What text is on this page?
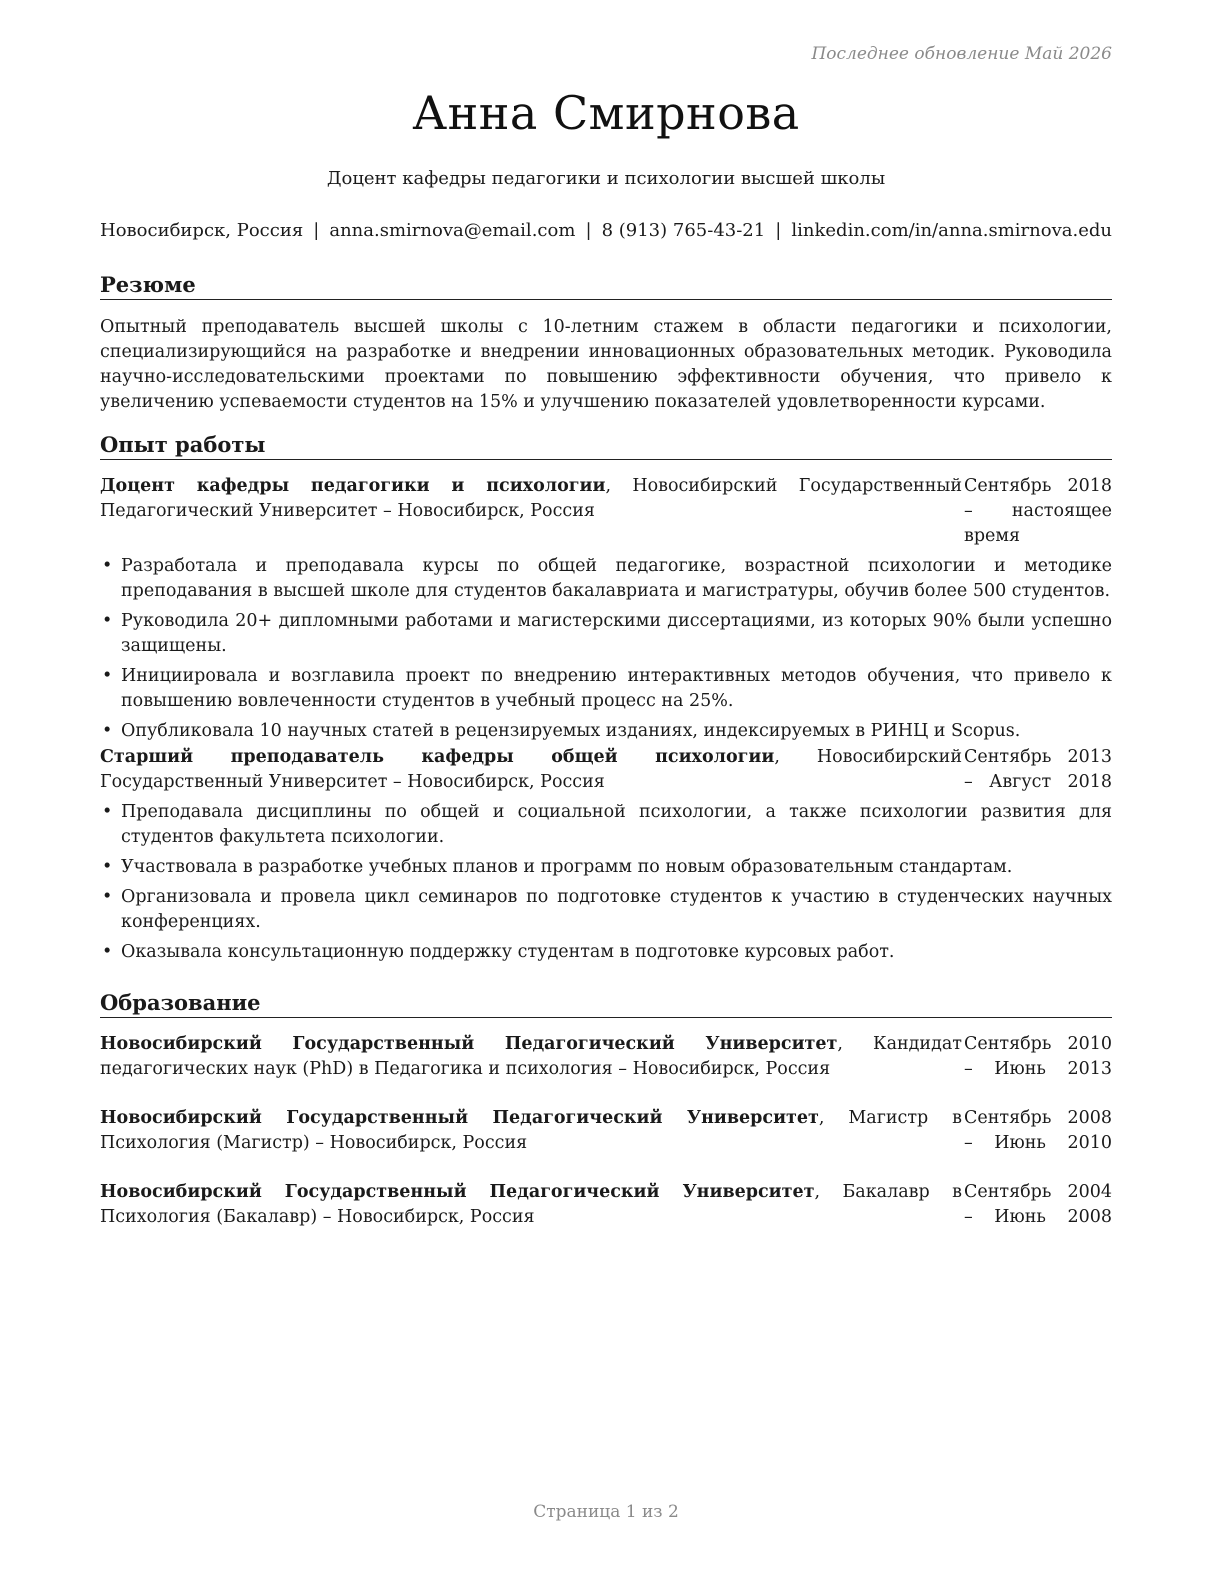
Последнее обновление Май 2026
Анна Смирнова
Доцент кафедры педагогики и психологии высшей школы
Новосибирск, Россия | anna.smirnova@email.com | 8 (913) 765-43-21 | linkedin.com/in/anna.smirnova.edu
Резюме
Опытный преподаватель высшей школы с 10-летним стажем в области педагогики и психологии, специализирующийся на разработке и внедрении инновационных образовательных методик. Руководила научно-исследовательскими проектами по повышению эффективности обучения, что привело к увеличению успеваемости студентов на 15% и улучшению показателей удовлетворенности курсами.
Опыт работы
Доцент кафедры педагогики и психологии, Новосибирский Государственный Педагогический Университет – Новосибирск, Россия
Сентябрь 2018 – настоящее время
• Разработала и преподавала курсы по общей педагогике, возрастной психологии и методике преподавания в высшей школе для студентов бакалавриата и магистратуры, обучив более 500 студентов.
• Руководила 20+ дипломными работами и магистерскими диссертациями, из которых 90% были успешно защищены.
• Инициировала и возглавила проект по внедрению интерактивных методов обучения, что привело к повышению вовлеченности студентов в учебный процесс на 25%.
• Опубликовала 10 научных статей в рецензируемых изданиях, индексируемых в РИНЦ и Scopus.
Старший преподаватель кафедры общей психологии, Новосибирский Государственный Университет – Новосибирск, Россия
Сентябрь 2013 – Август 2018
• Преподавала дисциплины по общей и социальной психологии, а также психологии развития для студентов факультета психологии.
• Участвовала в разработке учебных планов и программ по новым образовательным стандартам.
• Организовала и провела цикл семинаров по подготовке студентов к участию в студенческих научных конференциях.
• Оказывала консультационную поддержку студентам в подготовке курсовых работ.
Образование
Новосибирский Государственный Педагогический Университет, Кандидат педагогических наук (PhD) в Педагогика и психология – Новосибирск, Россия
Сентябрь 2010 – Июнь 2013
Новосибирский Государственный Педагогический Университет, Магистр в Психология (Магистр) – Новосибирск, Россия
Сентябрь 2008 – Июнь 2010
Новосибирский Государственный Педагогический Университет, Бакалавр в Психология (Бакалавр) – Новосибирск, Россия
Сентябрь 2004 – Июнь 2008
Страница 1 из 2
